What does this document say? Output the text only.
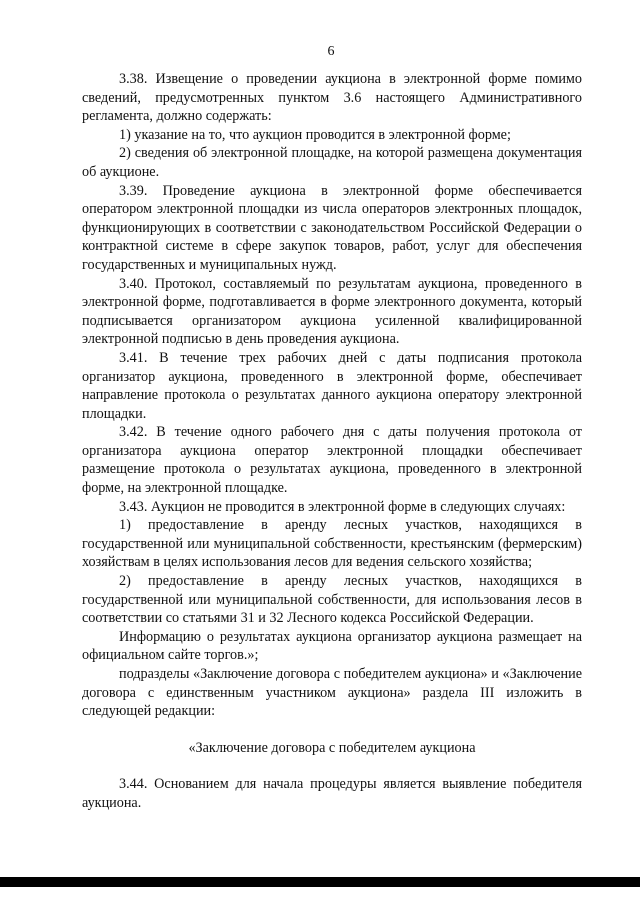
6

3.38. Извещение о проведении аукциона в электронной форме помимо сведений, предусмотренных пунктом 3.6 настоящего Административного регламента, должно содержать:

1) указание на то, что аукцион проводится в электронной форме;

2) сведения об электронной площадке, на которой размещена документация об аукционе.

3.39. Проведение аукциона в электронной форме обеспечивается оператором электронной площадки из числа операторов электронных площадок, функционирующих в соответствии с законодательством Российской Федерации о контрактной системе в сфере закупок товаров, работ, услуг для обеспечения государственных и муниципальных нужд.

3.40. Протокол, составляемый по результатам аукциона, проведенного в электронной форме, подготавливается в форме электронного документа, который подписывается организатором аукциона усиленной квалифицированной электронной подписью в день проведения аукциона.

3.41. В течение трех рабочих дней с даты подписания протокола организатор аукциона, проведенного в электронной форме, обеспечивает направление протокола о результатах данного аукциона оператору электронной площадки.

3.42. В течение одного рабочего дня с даты получения протокола от организатора аукциона оператор электронной площадки обеспечивает размещение протокола о результатах аукциона, проведенного в электронной форме, на электронной площадке.

3.43. Аукцион не проводится в электронной форме в следующих случаях:

1) предоставление в аренду лесных участков, находящихся в государственной или муниципальной собственности, крестьянским (фермерским) хозяйствам в целях использования лесов для ведения сельского хозяйства;

2) предоставление в аренду лесных участков, находящихся в государственной или муниципальной собственности, для использования лесов в соответствии со статьями 31 и 32 Лесного кодекса Российской Федерации.

Информацию о результатах аукциона организатор аукциона размещает на официальном сайте торгов.»;

подразделы «Заключение договора с победителем аукциона» и «Заключение договора с единственным участником аукциона» раздела III изложить в следующей редакции:

«Заключение договора с победителем аукциона

3.44. Основанием для начала процедуры является выявление победителя аукциона.
